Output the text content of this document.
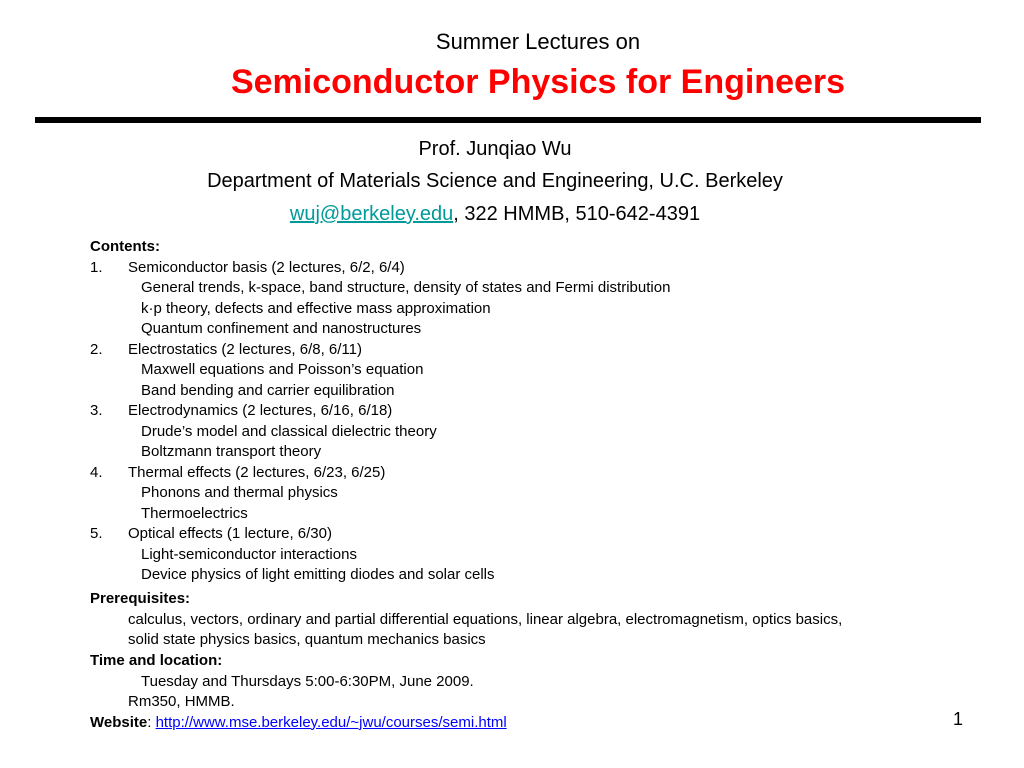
Summer Lectures on
Semiconductor Physics for Engineers
Prof. Junqiao Wu
Department of Materials Science and Engineering, U.C. Berkeley
wuj@berkeley.edu, 322 HMMB, 510-642-4391
Contents:
1. Semiconductor basis (2 lectures, 6/2, 6/4)
General trends, k-space, band structure, density of states and Fermi distribution
k·p theory, defects and effective mass approximation
Quantum confinement and nanostructures
2. Electrostatics (2 lectures, 6/8, 6/11)
Maxwell equations and Poisson’s equation
Band bending and carrier equilibration
3. Electrodynamics (2 lectures, 6/16, 6/18)
Drude’s model and classical dielectric theory
Boltzmann transport theory
4. Thermal effects (2 lectures, 6/23, 6/25)
Phonons and thermal physics
Thermoelectrics
5. Optical effects (1 lecture, 6/30)
Light-semiconductor interactions
Device physics of light emitting diodes and solar cells
Prerequisites:
calculus, vectors, ordinary and partial differential equations, linear algebra, electromagnetism, optics basics,
solid state physics basics, quantum mechanics basics
Time and location:
Tuesday and Thursdays 5:00-6:30PM, June 2009.
Rm350, HMMB.
Website: http://www.mse.berkeley.edu/~jwu/courses/semi.html	1
